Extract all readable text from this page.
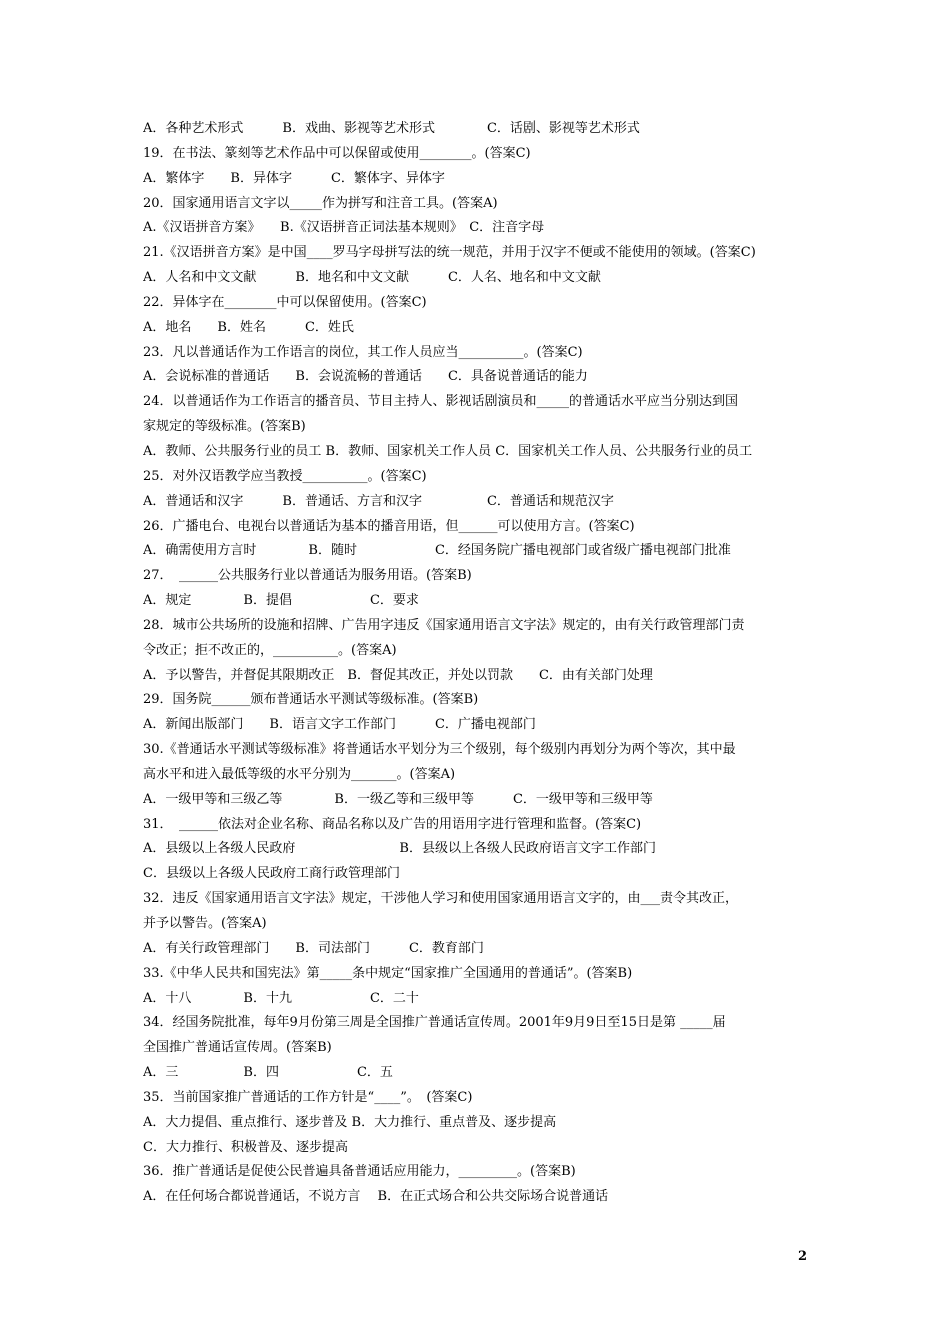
A．各种艺术形式　　　B．戏曲、影视等艺术形式　　　　C．话剧、影视等艺术形式
19．在书法、篆刻等艺术作品中可以保留或使用________。(答案C)
A．繁体字　　B．异体字　　　C．繁体字、异体字
20．国家通用语言文字以_____作为拼写和注音工具。(答案A)
A.《汉语拼音方案》　　B.《汉语拼音正词法基本规则》　C．注音字母
21.《汉语拼音方案》是中国____罗马字母拼写法的统一规范，并用于汉字不便或不能使用的领域。(答案C)
A．人名和中文文献　　　B．地名和中文文献　　　C．人名、地名和中文文献
22．异体字在________中可以保留使用。(答案C)
A．地名　　B．姓名　　　C．姓氏
23．凡以普通话作为工作语言的岗位，其工作人员应当__________。(答案C)
A．会说标准的普通话　　B．会说流畅的普通话　　C．具备说普通话的能力
24．以普通话作为工作语言的播音员、节目主持人、影视话剧演员和_____的普通话水平应当分别达到国
家规定的等级标准。(答案B)
A．教师、公共服务行业的员工 B．教师、国家机关工作人员 C．国家机关工作人员、公共服务行业的员工
25．对外汉语教学应当教授__________。(答案C)
A．普通话和汉字　　　B．普通话、方言和汉字　　　　　C．普通话和规范汉字
26．广播电台、电视台以普通话为基本的播音用语，但______可以使用方言。(答案C)
A．确需使用方言时　　　　B．随时　　　　　　C．经国务院广播电视部门或省级广播电视部门批准
27．　______公共服务行业以普通话为服务用语。(答案B)
A．规定　　　　B．提倡　　　　　　C．要求
28．城市公共场所的设施和招牌、广告用字违反《国家通用语言文字法》规定的，由有关行政管理部门责
令改正；拒不改正的，__________。(答案A)
A．予以警告，并督促其限期改正　B．督促其改正，并处以罚款　　C．由有关部门处理
29．国务院______颁布普通话水平测试等级标准。(答案B)
A．新闻出版部门　　B．语言文字工作部门　　　C．广播电视部门
30.《普通话水平测试等级标准》将普通话水平划分为三个级别，每个级别内再划分为两个等次，其中最
高水平和进入最低等级的水平分别为_______。(答案A)
A．一级甲等和三级乙等　　　　B．一级乙等和三级甲等　　　C．一级甲等和三级甲等
31．　______依法对企业名称、商品名称以及广告的用语用字进行管理和监督。(答案C)
A．县级以上各级人民政府　　　　　　　　B．县级以上各级人民政府语言文字工作部门
C．县级以上各级人民政府工商行政管理部门
32．违反《国家通用语言文字法》规定，干涉他人学习和使用国家通用语言文字的，由___责令其改正，
并予以警告。(答案A)
A．有关行政管理部门　　B．司法部门　　　C．教育部门
33.《中华人民共和国宪法》第_____条中规定“国家推广全国通用的普通话”。(答案B)
A．十八　　　　B．十九　　　　　　C．二十
34．经国务院批准，每年9月份第三周是全国推广普通话宣传周。2001年9月9日至15日是第 _____届
全国推广普通话宣传周。(答案B)
A．三　　　　　B．四　　　　　　C．五
35．当前国家推广普通话的工作方针是“____”。　(答案C)
A．大力提倡、重点推行、逐步普及 B．大力推行、重点普及、逐步提高
C．大力推行、积极普及、逐步提高
36．推广普通话是促使公民普遍具备普通话应用能力，_________。(答案B)
A．在任何场合都说普通话，不说方言　 B．在正式场合和公共交际场合说普通话
2
